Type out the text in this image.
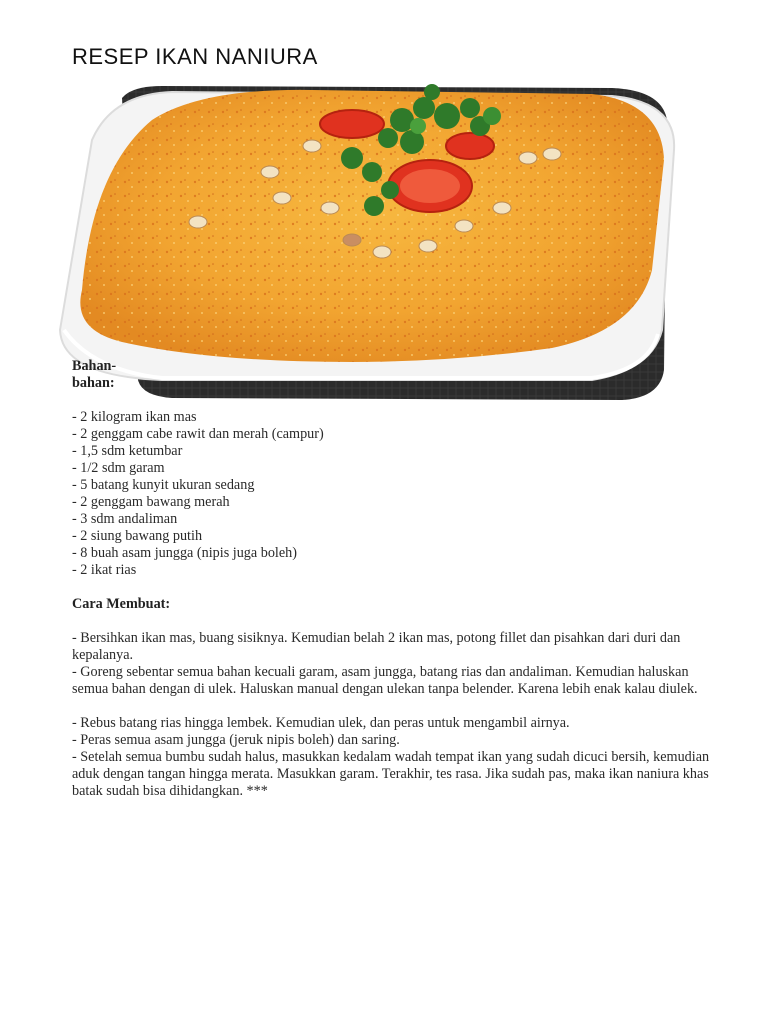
RESEP IKAN NANIURA
Bahan-bahan:
- 2 kilogram ikan mas
- 2 genggam cabe rawit dan merah (campur)
- 1,5 sdm ketumbar
- 1/2 sdm garam
- 5 batang kunyit ukuran sedang
- 2 genggam bawang merah
- 3 sdm andaliman
- 2 siung bawang putih
- 8 buah asam jungga (nipis juga boleh)
- 2 ikat rias
Cara Membuat:

- Bersihkan ikan mas, buang sisiknya. Kemudian belah 2 ikan mas, potong fillet dan pisahkan dari duri dan kepalanya.

- Goreng sebentar semua bahan kecuali garam, asam jungga, batang rias dan andaliman. Kemudian haluskan semua bahan dengan di ulek. Haluskan manual dengan ulekan tanpa belender. Karena lebih enak kalau diulek.

- Rebus batang rias hingga lembek. Kemudian ulek, dan peras untuk mengambil airnya.

- Peras semua asam jungga (jeruk nipis boleh) dan saring.

- Setelah semua bumbu sudah halus, masukkan kedalam wadah tempat ikan yang sudah dicuci bersih, kemudian aduk dengan tangan hingga merata. Masukkan garam. Terakhir, tes rasa. Jika sudah pas, maka ikan naniura khas batak sudah bisa dihidangkan. ***
